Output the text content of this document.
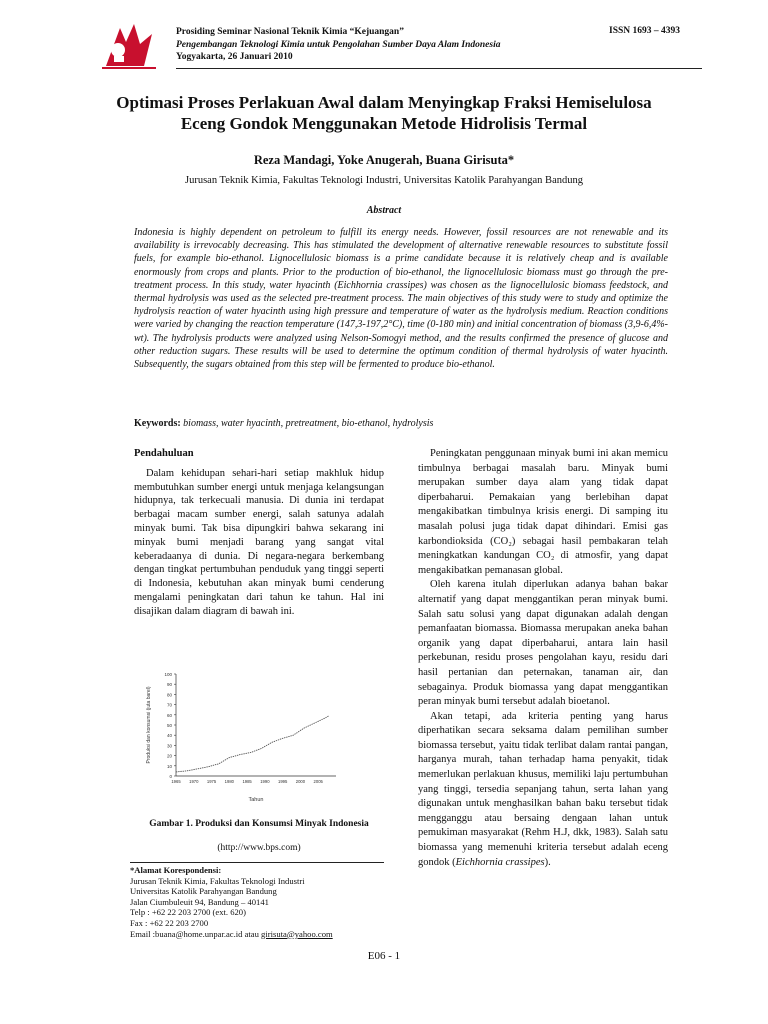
Prosiding Seminar Nasional Teknik Kimia “Kejuangan”
Pengembangan Teknologi Kimia untuk Pengolahan Sumber Daya Alam Indonesia
Yogyakarta, 26 Januari 2010
ISSN 1693 – 4393
Optimasi Proses Perlakuan Awal dalam Menyingkap Fraksi Hemiselulosa Eceng Gondok Menggunakan Metode Hidrolisis Termal
Reza Mandagi, Yoke Anugerah, Buana Girisuta*
Jurusan Teknik Kimia, Fakultas Teknologi Industri, Universitas Katolik Parahyangan Bandung
Abstract
Indonesia is highly dependent on petroleum to fulfill its energy needs. However, fossil resources are not renewable and its availability is irrevocably decreasing. This has stimulated the development of alternative renewable resources to substitute fossil fuels, for example bio-ethanol. Lignocellulosic biomass is a prime candidate because it is relatively cheap and is available enormously from crops and plants. Prior to the production of bio-ethanol, the lignocellulosic biomass must go through the pre-treatment process. In this study, water hyacinth (Eichhornia crassipes) was chosen as the lignocellulosic biomass feedstock, and thermal hydrolysis was used as the selected pre-treatment process. The main objectives of this study were to study and optimize the hydrolysis reaction of water hyacinth using high pressure and temperature of water as the hydrolysis medium. Reaction conditions were varied by changing the reaction temperature (147,3-197,2°C), time (0-180 min) and initial concentration of biomass (3,9-6,4%-wt). The hydrolysis products were analyzed using Nelson-Somogyi method, and the results confirmed the presence of glucose and other reduction sugars. These results will be used to determine the optimum condition of thermal hydrolysis of water hyacinth. Subsequently, the sugars obtained from this step will be fermented to produce bio-ethanol.
Keywords: biomass, water hyacinth, pretreatment, bio-ethanol, hydrolysis
Pendahuluan

Dalam kehidupan sehari-hari setiap makhluk hidup membutuhkan sumber energi untuk menjaga kelangsungan hidupnya, tak terkecuali manusia. Di dunia ini terdapat berbagai macam sumber energi, salah satunya adalah minyak bumi. Tak bisa dipungkiri bahwa sekarang ini minyak bumi menjadi barang yang sangat vital keberadaanya di dunia. Di negara-negara berkembang dengan tingkat pertumbuhan penduduk yang tinggi seperti di Indonesia, kebutuhan akan minyak bumi cenderung mengalami peningkatan dari tahun ke tahun. Hal ini disajikan dalam diagram di bawah ini.

0
10
20
30
40
50
60
70
80
90
100
1965 1970 1975 1980 1985 1990 1995 2000 2005
Tahun
Produksi dan konsumsi (juta barel)
Gambar 1. Produksi dan Konsumsi Minyak Indonesia
(http://www.bps.com)
*Alamat Korespondensi:
Jurusan Teknik Kimia, Fakultas Teknologi Industri
Universitas Katolik Parahyangan Bandung
Jalan Ciumbuleuit 94, Bandung – 40141
Telp : +62 22 203 2700 (ext. 620)
Fax : +62 22 203 2700
Email :buana@home.unpar.ac.id atau girisuta@yahoo.com

Peningkatan penggunaan minyak bumi ini akan memicu timbulnya berbagai masalah baru. Minyak bumi merupakan sumber daya alam yang tidak dapat diperbaharui. Pemakaian yang berlebihan dapat mengakibatkan timbulnya krisis energi. Di samping itu masalah polusi juga tidak dapat dihindari. Emisi gas karbondioksida (CO₂) sebagai hasil pembakaran telah meningkatkan kandungan CO₂ di atmosfir, yang dapat mengakibatkan pemanasan global.

Oleh karena itulah diperlukan adanya bahan bakar alternatif yang dapat menggantikan peran minyak bumi. Salah satu solusi yang dapat digunakan adalah dengan pemanfaatan biomassa. Biomassa merupakan aneka bahan organik yang dapat diperbaharui, antara lain hasil perkebunan, residu proses pengolahan kayu, residu dari hasil pertanian dan peternakan, tanaman air, dan sebagainya. Produk biomassa yang dapat menggantikan peran minyak bumi tersebut adalah bioetanol.

Akan tetapi, ada kriteria penting yang harus diperhatikan secara seksama dalam pemilihan sumber biomassa tersebut, yaitu tidak terlibat dalam rantai pangan, harganya murah, tahan terhadap hama penyakit, tidak memerlukan perlakuan khusus, memiliki laju pertumbuhan yang tinggi, tersedia sepanjang tahun, serta lahan yang digunakan untuk menghasilkan bahan baku tersebut tidak mengganggu atau bersaing dengaan lahan untuk pemukiman masyarakat (Rehm H.J, dkk, 1983). Salah satu biomassa yang memenuhi kriteria tersebut adalah eceng gondok (Eichhornia crassipes).

E06 - 1
